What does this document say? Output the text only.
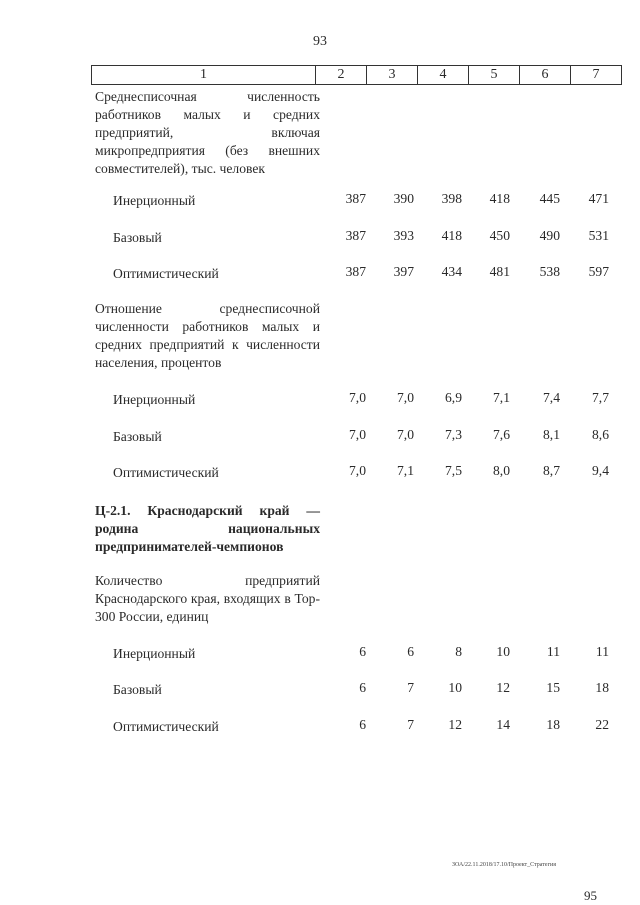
93
1	2	3	4	5	6	7
Среднесписочная численность работников малых и средних предприятий, включая микропредприятия (без внешних совместителей), тыс. человек
Инерционный	387	390	398	418	445	471
Базовый	387	393	418	450	490	531
Оптимистический	387	397	434	481	538	597
Отношение среднесписочной численности работников малых и средних предприятий к численности населения, процентов
Инерционный	7,0	7,0	6,9	7,1	7,4	7,7
Базовый	7,0	7,0	7,3	7,6	8,1	8,6
Оптимистический	7,0	7,1	7,5	8,0	8,7	9,4
Ц-2.1. Краснодарский край — родина национальных предпринимателей-чемпионов
Количество предприятий Краснодарского края, входящих в Top-300 России, единиц
Инерционный	6	6	8	10	11	11
Базовый	6	7	10	12	15	18
Оптимистический	6	7	12	14	18	22
ЗОА/22.11.2018/17.10/Проект_Стратегия
95
